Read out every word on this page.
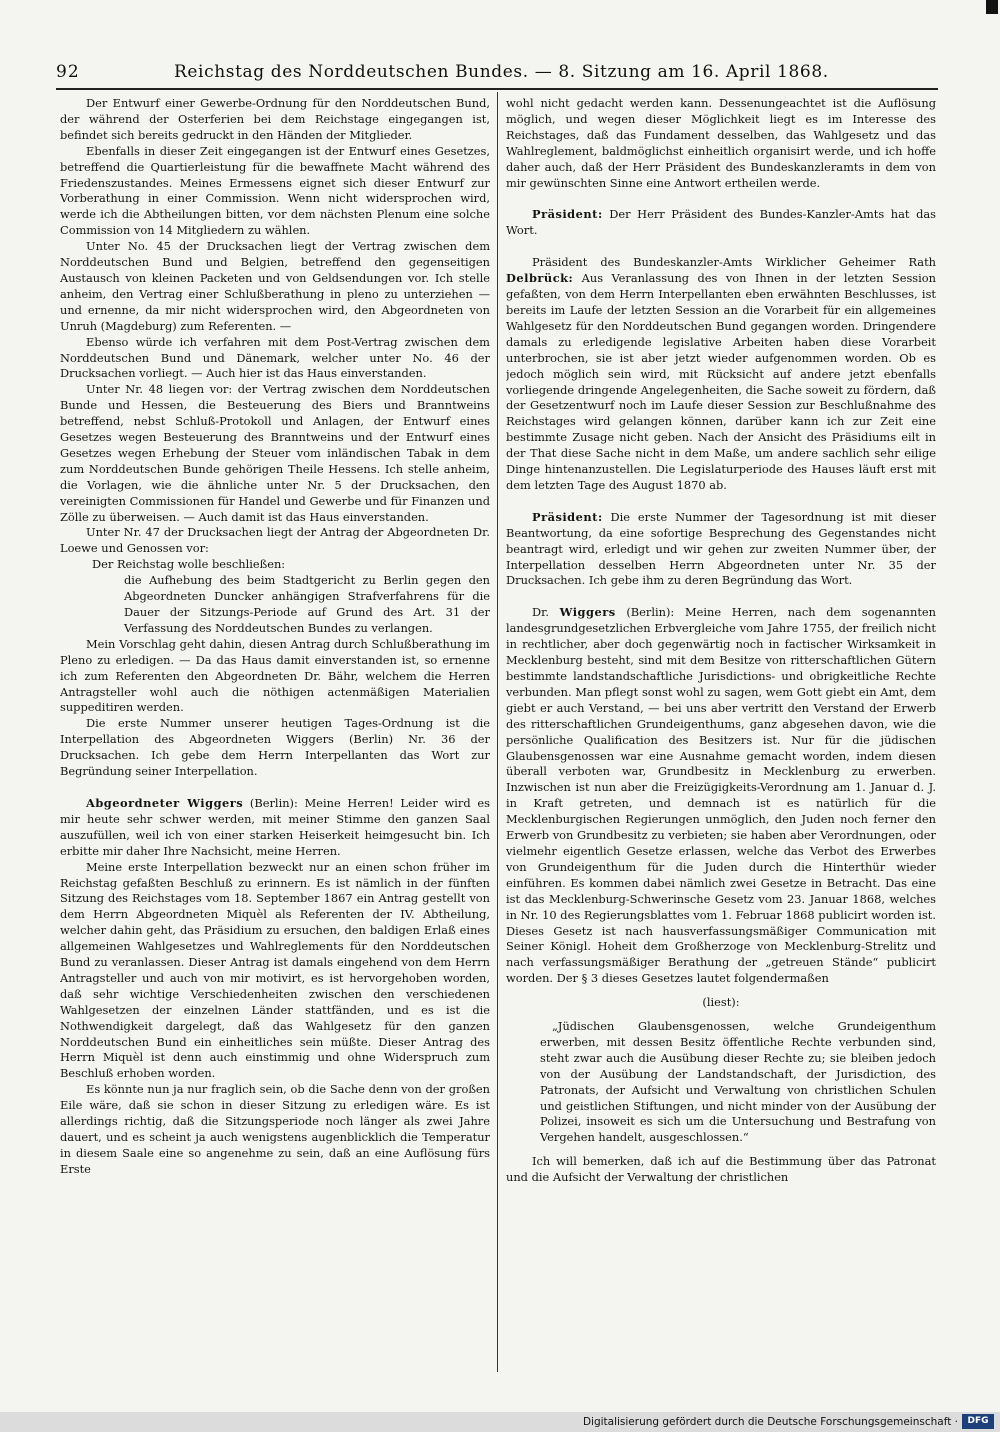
92	Reichstag des Norddeutschen Bundes. — 8. Sitzung am 16. April 1868.

Der Entwurf einer Gewerbe-Ordnung für den Norddeutschen Bund, der während der Osterferien bei dem Reichstage eingegangen ist, befindet sich bereits gedruckt in den Händen der Mitglieder.

Ebenfalls in dieser Zeit eingegangen ist der Entwurf eines Gesetzes, betreffend die Quartierleistung für die bewaffnete Macht während des Friedenszustandes. Meines Ermessens eignet sich dieser Entwurf zur Vorberathung in einer Commission. Wenn nicht widersprochen wird, werde ich die Abtheilungen bitten, vor dem nächsten Plenum eine solche Commission von 14 Mitgliedern zu wählen.

Unter No. 45 der Drucksachen liegt der Vertrag zwischen dem Norddeutschen Bund und Belgien, betreffend den gegenseitigen Austausch von kleinen Packeten und von Geldsendungen vor. Ich stelle anheim, den Vertrag einer Schlußberathung in pleno zu unterziehen — und ernenne, da mir nicht widersprochen wird, den Abgeordneten von Unruh (Magdeburg) zum Referenten. —

Ebenso würde ich verfahren mit dem Post-Vertrag zwischen dem Norddeutschen Bund und Dänemark, welcher unter No. 46 der Drucksachen vorliegt. — Auch hier ist das Haus einverstanden.

Unter Nr. 48 liegen vor: der Vertrag zwischen dem Norddeutschen Bunde und Hessen, die Besteuerung des Biers und Branntweins betreffend, nebst Schluß-Protokoll und Anlagen, der Entwurf eines Gesetzes wegen Besteuerung des Branntweins und der Entwurf eines Gesetzes wegen Erhebung der Steuer vom inländischen Tabak in dem zum Norddeutschen Bunde gehörigen Theile Hessens. Ich stelle anheim, die Vorlagen, wie die ähnliche unter Nr. 5 der Drucksachen, den vereinigten Commissionen für Handel und Gewerbe und für Finanzen und Zölle zu überweisen. — Auch damit ist das Haus einverstanden.

Unter Nr. 47 der Drucksachen liegt der Antrag der Abgeordneten Dr. Loewe und Genossen vor:

Der Reichstag wolle beschließen:

die Aufhebung des beim Stadtgericht zu Berlin gegen den Abgeordneten Duncker anhängigen Strafverfahrens für die Dauer der Sitzungs-Periode auf Grund des Art. 31 der Verfassung des Norddeutschen Bundes zu verlangen.

Mein Vorschlag geht dahin, diesen Antrag durch Schlußberathung im Pleno zu erledigen. — Da das Haus damit einverstanden ist, so ernenne ich zum Referenten den Abgeordneten Dr. Bähr, welchem die Herren Antragsteller wohl auch die nöthigen actenmäßigen Materialien suppeditiren werden.

Die erste Nummer unserer heutigen Tages-Ordnung ist die Interpellation des Abgeordneten Wiggers (Berlin) Nr. 36 der Drucksachen. Ich gebe dem Herrn Interpellanten das Wort zur Begründung seiner Interpellation.

Abgeordneter Wiggers (Berlin): Meine Herren! Leider wird es mir heute sehr schwer werden, mit meiner Stimme den ganzen Saal auszufüllen, weil ich von einer starken Heiserkeit heimgesucht bin. Ich erbitte mir daher Ihre Nachsicht, meine Herren.

Meine erste Interpellation bezweckt nur an einen schon früher im Reichstag gefaßten Beschluß zu erinnern. Es ist nämlich in der fünften Sitzung des Reichstages vom 18. September 1867 ein Antrag gestellt von dem Herrn Abgeordneten Miquèl als Referenten der IV. Abtheilung, welcher dahin geht, das Präsidium zu ersuchen, den baldigen Erlaß eines allgemeinen Wahlgesetzes und Wahlreglements für den Norddeutschen Bund zu veranlassen. Dieser Antrag ist damals eingehend von dem Herrn Antragsteller und auch von mir motivirt, es ist hervorgehoben worden, daß sehr wichtige Verschiedenheiten zwischen den verschiedenen Wahlgesetzen der einzelnen Länder stattfänden, und es ist die Nothwendigkeit dargelegt, daß das Wahlgesetz für den ganzen Norddeutschen Bund ein einheitliches sein müßte. Dieser Antrag des Herrn Miquèl ist denn auch einstimmig und ohne Widerspruch zum Beschluß erhoben worden.

Es könnte nun ja nur fraglich sein, ob die Sache denn von der großen Eile wäre, daß sie schon in dieser Sitzung zu erledigen wäre. Es ist allerdings richtig, daß die Sitzungsperiode noch länger als zwei Jahre dauert, und es scheint ja auch wenigstens augenblicklich die Temperatur in diesem Saale eine so angenehme zu sein, daß an eine Auflösung fürs Erste

wohl nicht gedacht werden kann. Dessenungeachtet ist die Auflösung möglich, und wegen dieser Möglichkeit liegt es im Interesse des Reichstages, daß das Fundament desselben, das Wahlgesetz und das Wahlreglement, baldmöglichst einheitlich organisirt werde, und ich hoffe daher auch, daß der Herr Präsident des Bundeskanzleramts in dem von mir gewünschten Sinne eine Antwort ertheilen werde.

Präsident: Der Herr Präsident des Bundes-Kanzler-Amts hat das Wort.

Präsident des Bundeskanzler-Amts Wirklicher Geheimer Rath Delbrück: Aus Veranlassung des von Ihnen in der letzten Session gefaßten, von dem Herrn Interpellanten eben erwähnten Beschlusses, ist bereits im Laufe der letzten Session an die Vorarbeit für ein allgemeines Wahlgesetz für den Norddeutschen Bund gegangen worden. Dringendere damals zu erledigende legislative Arbeiten haben diese Vorarbeit unterbrochen, sie ist aber jetzt wieder aufgenommen worden. Ob es jedoch möglich sein wird, mit Rücksicht auf andere jetzt ebenfalls vorliegende dringende Angelegenheiten, die Sache soweit zu fördern, daß der Gesetzentwurf noch im Laufe dieser Session zur Beschlußnahme des Reichstages wird gelangen können, darüber kann ich zur Zeit eine bestimmte Zusage nicht geben. Nach der Ansicht des Präsidiums eilt in der That diese Sache nicht in dem Maße, um andere sachlich sehr eilige Dinge hintenanzustellen. Die Legislaturperiode des Hauses läuft erst mit dem letzten Tage des August 1870 ab.

Präsident: Die erste Nummer der Tagesordnung ist mit dieser Beantwortung, da eine sofortige Besprechung des Gegenstandes nicht beantragt wird, erledigt und wir gehen zur zweiten Nummer über, der Interpellation desselben Herrn Abgeordneten unter Nr. 35 der Drucksachen. Ich gebe ihm zu deren Begründung das Wort.

Dr. Wiggers (Berlin): Meine Herren, nach dem sogenannten landesgrundgesetzlichen Erbvergleiche vom Jahre 1755, der freilich nicht in rechtlicher, aber doch gegenwärtig noch in factischer Wirksamkeit in Mecklenburg besteht, sind mit dem Besitze von ritterschaftlichen Gütern bestimmte landstandschaftliche Jurisdictions- und obrigkeitliche Rechte verbunden. Man pflegt sonst wohl zu sagen, wem Gott giebt ein Amt, dem giebt er auch Verstand, — bei uns aber vertritt den Verstand der Erwerb des ritterschaftlichen Grundeigenthums, ganz abgesehen davon, wie die persönliche Qualification des Besitzers ist. Nur für die jüdischen Glaubensgenossen war eine Ausnahme gemacht worden, indem diesen überall verboten war, Grundbesitz in Mecklenburg zu erwerben. Inzwischen ist nun aber die Freizügigkeits-Verordnung am 1. Januar d. J. in Kraft getreten, und demnach ist es natürlich für die Mecklenburgischen Regierungen unmöglich, den Juden noch ferner den Erwerb von Grundbesitz zu verbieten; sie haben aber Verordnungen, oder vielmehr eigentlich Gesetze erlassen, welche das Verbot des Erwerbes von Grundeigenthum für die Juden durch die Hinterthür wieder einführen. Es kommen dabei nämlich zwei Gesetze in Betracht. Das eine ist das Mecklenburg-Schwerinsche Gesetz vom 23. Januar 1868, welches in Nr. 10 des Regierungsblattes vom 1. Februar 1868 publicirt worden ist. Dieses Gesetz ist nach hausverfassungsmäßiger Communication mit Seiner Königl. Hoheit dem Großherzoge von Mecklenburg-Strelitz und nach verfassungsmäßiger Berathung der „getreuen Stände“ publicirt worden. Der § 3 dieses Gesetzes lautet folgendermaßen

(liest):

„Jüdischen Glaubensgenossen, welche Grundeigenthum erwerben, mit dessen Besitz öffentliche Rechte verbunden sind, steht zwar auch die Ausübung dieser Rechte zu; sie bleiben jedoch von der Ausübung der Landstandschaft, der Jurisdiction, des Patronats, der Aufsicht und Verwaltung von christlichen Schulen und geistlichen Stiftungen, und nicht minder von der Ausübung der Polizei, insoweit es sich um die Untersuchung und Bestrafung von Vergehen handelt, ausgeschlossen.“

Ich will bemerken, daß ich auf die Bestimmung über das Patronat und die Aufsicht der Verwaltung der christlichen

Digitalisierung gefördert durch die Deutsche Forschungsgemeinschaft ·	DFG
